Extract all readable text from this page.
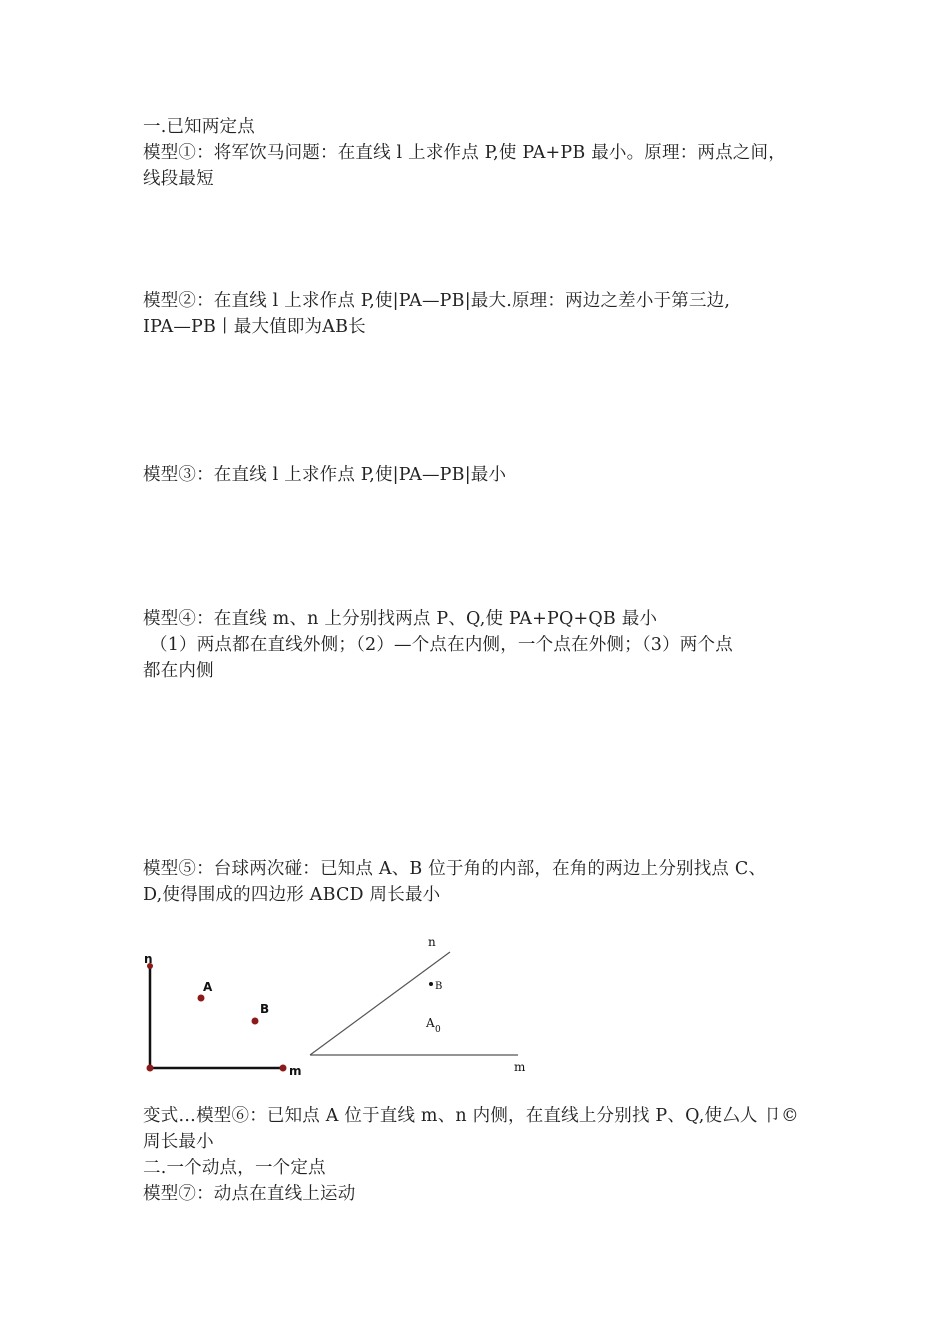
一.已知两定点
模型①：将军饮马问题：在直线 l 上求作点 P,使 PA+PB 最小。原理：两点之间，
线段最短
模型②：在直线 l 上求作点 P,使|PA—PB|最大.原理：两边之差小于第三边,
IPA—PB丨最大值即为AB长
模型③：在直线 l 上求作点 P,使|PA—PB|最小
模型④：在直线 m、n 上分别找两点 P、Q,使 PA+PQ+QB 最小
（1）两点都在直线外侧；（2）—个点在内侧，一个点在外侧；（3）两个点
都在内侧
模型⑤：台球两次碰：已知点 A、B 位于角的内部，在角的两边上分别找点 C、
D,使得围成的四边形 ABCD 周长最小
n
m
A
B
n
m
B
A 0
变式…模型⑥：已知点 A 位于直线 m、n 内侧，在直线上分别找 P、Q,使厶人 卩©
周长最小
二.一个动点，一个定点
模型⑦：动点在直线上运动
